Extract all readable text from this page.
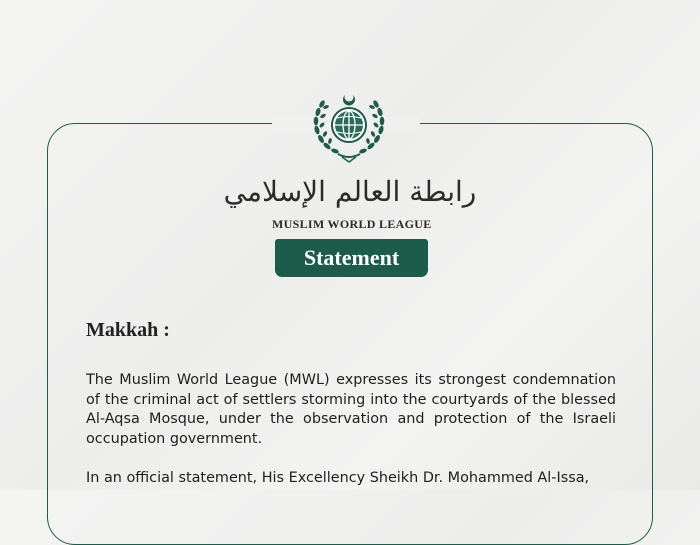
رابطة العالم الإسلامي
MUSLIM WORLD LEAGUE
Statement
Makkah :

The Muslim World League (MWL) expresses its strongest condemnation of the criminal act of settlers storming into the courtyards of the blessed Al-Aqsa Mosque, under the observation and protection of the Israeli occupation government.

In an official statement, His Excellency Sheikh Dr. Mohammed Al-Issa,
